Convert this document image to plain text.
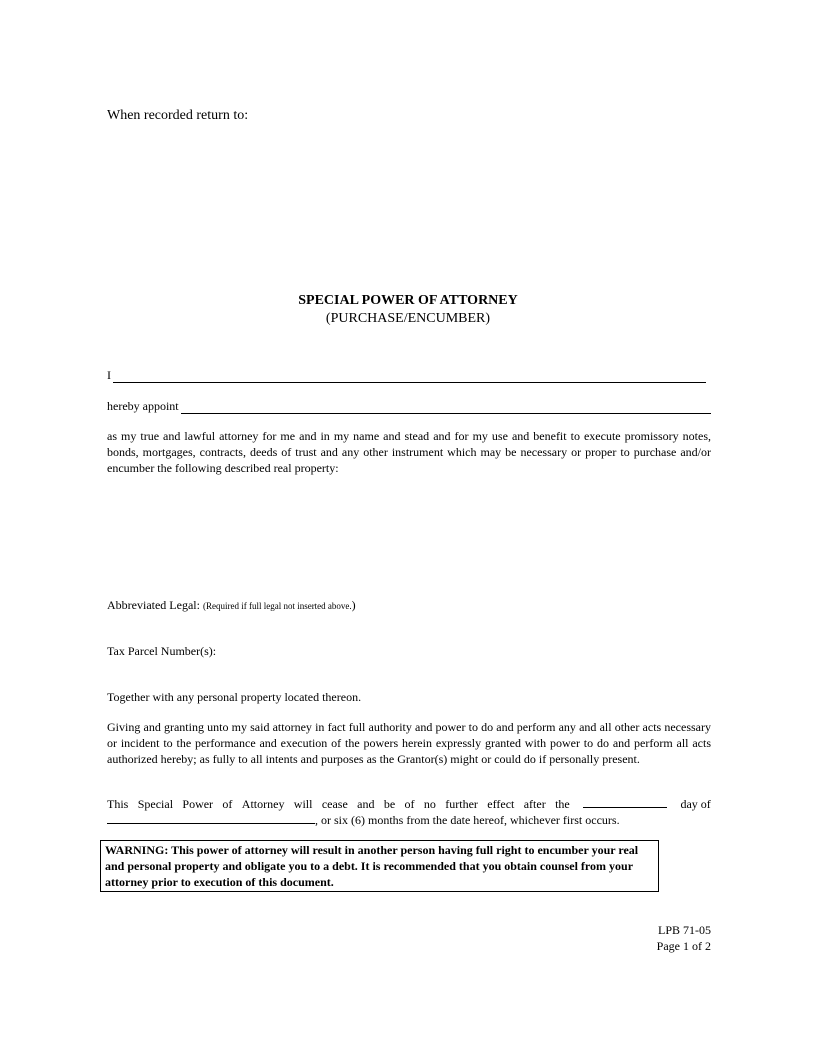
When recorded return to:
SPECIAL POWER OF ATTORNEY
(PURCHASE/ENCUMBER)
I
hereby appoint
as my true and lawful attorney for me and in my name and stead and for my use and benefit to execute promissory notes, bonds, mortgages, contracts, deeds of trust and any other instrument which may be necessary or proper to purchase and/or encumber the following described real property:
Abbreviated Legal: (Required if full legal not inserted above.)
Tax Parcel Number(s):
Together with any personal property located thereon.
Giving and granting unto my said attorney in fact full authority and power to do and perform any and all other acts necessary or incident to the performance and execution of the powers herein expressly granted with power to do and perform all acts authorized hereby; as fully to all intents and purposes as the Grantor(s) might or could do if personally present.
This Special Power of Attorney will cease and be of no further effect after the	day of
, or six (6) months from the date hereof, whichever first occurs.
WARNING: This power of attorney will result in another person having full right to encumber your real and personal property and obligate you to a debt. It is recommended that you obtain counsel from your attorney prior to execution of this document.
LPB 71-05
Page 1 of 2
